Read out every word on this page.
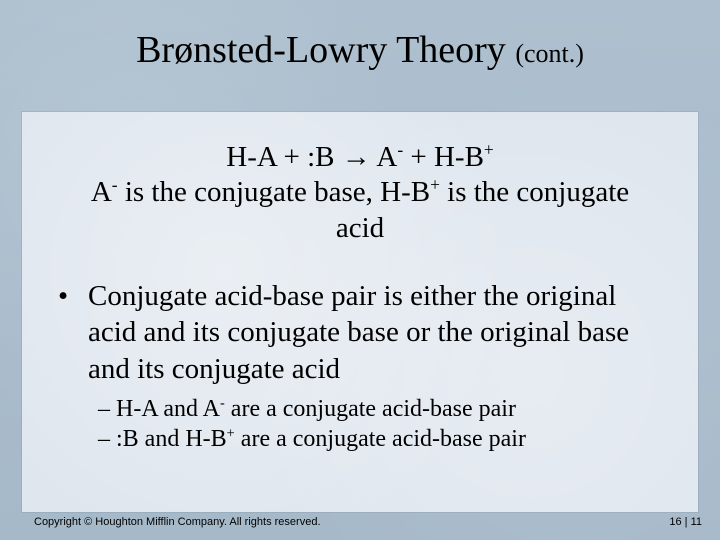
Brønsted-Lowry Theory (cont.)
H-A + :B → A- + H-B+
A- is the conjugate base, H-B+ is the conjugate
acid
• Conjugate acid-base pair is either the original acid and its conjugate base or the original base and its conjugate acid
– H-A and A- are a conjugate acid-base pair
– :B and H-B+ are a conjugate acid-base pair
Copyright © Houghton Mifflin Company. All rights reserved.	16 | 11
